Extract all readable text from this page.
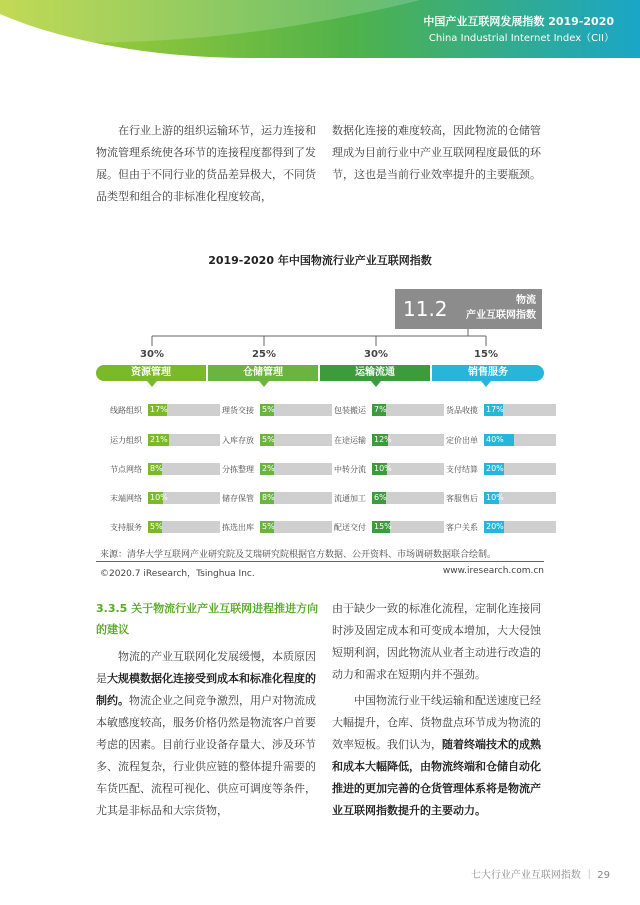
中国产业互联网发展指数 2019-2020
China Industrial Internet Index（CII）
在行业上游的组织运输环节，运力连接和物流管理系统使各环节的连接程度都得到了发展。但由于不同行业的货品差异极大，不同货品类型和组合的非标准化程度较高，
数据化连接的难度较高，因此物流的仓储管理成为目前行业中产业互联网程度最低的环节，这也是当前行业效率提升的主要瓶颈。
2019-2020 年中国物流行业产业互联网指数
11.2	物流
产业互联网指数
30%
资源管理
线路组织 17%
运力组织 21%
节点网络 8%
末端网络 10%
支持服务 5%
25%
仓储管理
理货交接 5%
入库存放 5%
分拣整理 2%
储存保管 8%
拣选出库 5%
30%
运输流通
包装搬运 7%
在途运输 12%
中转分流 10%
流通加工 6%
配送交付 15%
15%
销售服务
货品收揽 17%
定价出单 40%
支付结算 20%
客服售后 10%
客户关系 20%
来源：清华大学互联网产业研究院及艾瑞研究院根据官方数据、公开资料、市场调研数据联合绘制。
©2020.7 iResearch，Tsinghua Inc.	www.iresearch.com.cn
3.3.5 关于物流行业产业互联网进程推进方向的建议
物流的产业互联网化发展缓慢，本质原因是大规模数据化连接受到成本和标准化程度的制约。物流企业之间竞争激烈，用户对物流成本敏感度较高，服务价格仍然是物流客户首要考虑的因素。目前行业设备存量大、涉及环节多、流程复杂，行业供应链的整体提升需要的车货匹配、流程可视化、供应可调度等条件，尤其是非标品和大宗货物，
由于缺少一致的标准化流程，定制化连接同时涉及固定成本和可变成本增加，大大侵蚀短期利润，因此物流从业者主动进行改造的动力和需求在短期内并不强劲。
中国物流行业干线运输和配送速度已经大幅提升，仓库、货物盘点环节成为物流的效率短板。我们认为，随着终端技术的成熟和成本大幅降低，由物流终端和仓储自动化推进的更加完善的仓货管理体系将是物流产业互联网指数提升的主要动力。
七大行业产业互联网指数 ｜ 29
